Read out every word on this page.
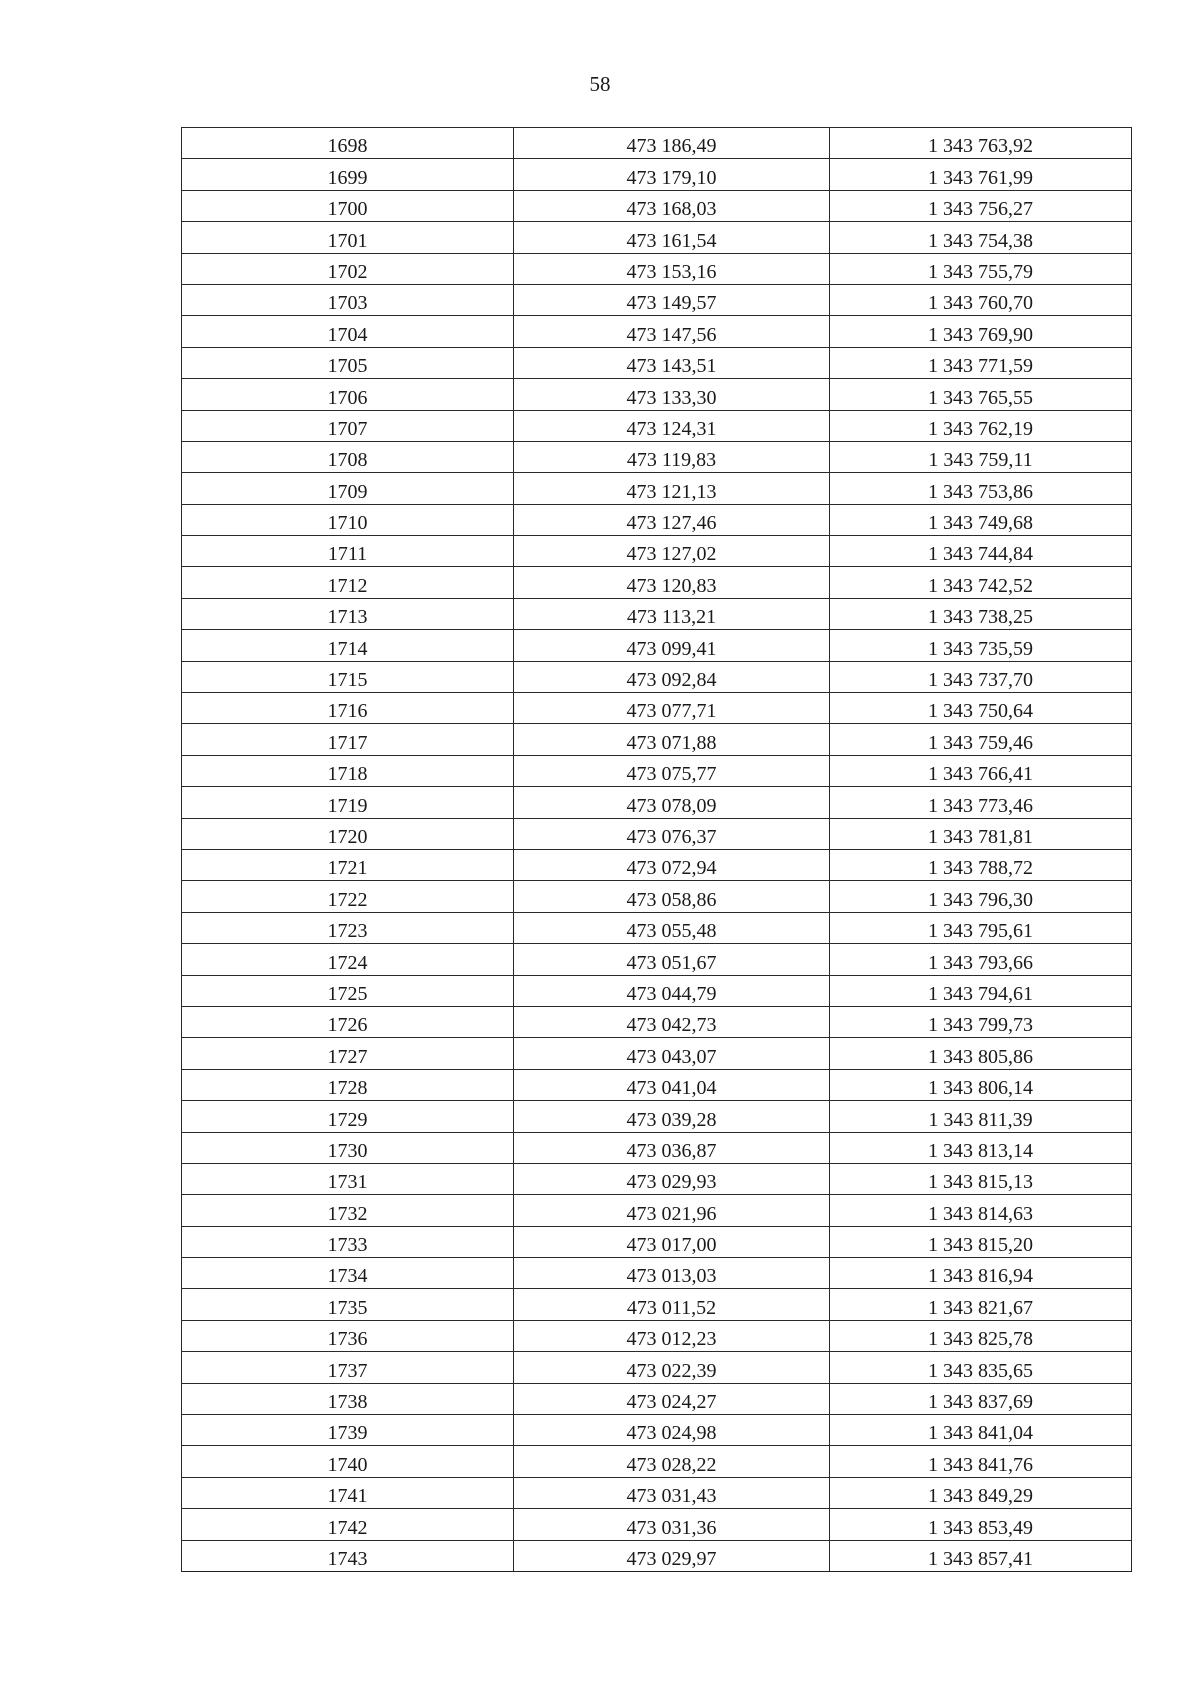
58
1698	473 186,49	1 343 763,92
1699	473 179,10	1 343 761,99
1700	473 168,03	1 343 756,27
1701	473 161,54	1 343 754,38
1702	473 153,16	1 343 755,79
1703	473 149,57	1 343 760,70
1704	473 147,56	1 343 769,90
1705	473 143,51	1 343 771,59
1706	473 133,30	1 343 765,55
1707	473 124,31	1 343 762,19
1708	473 119,83	1 343 759,11
1709	473 121,13	1 343 753,86
1710	473 127,46	1 343 749,68
1711	473 127,02	1 343 744,84
1712	473 120,83	1 343 742,52
1713	473 113,21	1 343 738,25
1714	473 099,41	1 343 735,59
1715	473 092,84	1 343 737,70
1716	473 077,71	1 343 750,64
1717	473 071,88	1 343 759,46
1718	473 075,77	1 343 766,41
1719	473 078,09	1 343 773,46
1720	473 076,37	1 343 781,81
1721	473 072,94	1 343 788,72
1722	473 058,86	1 343 796,30
1723	473 055,48	1 343 795,61
1724	473 051,67	1 343 793,66
1725	473 044,79	1 343 794,61
1726	473 042,73	1 343 799,73
1727	473 043,07	1 343 805,86
1728	473 041,04	1 343 806,14
1729	473 039,28	1 343 811,39
1730	473 036,87	1 343 813,14
1731	473 029,93	1 343 815,13
1732	473 021,96	1 343 814,63
1733	473 017,00	1 343 815,20
1734	473 013,03	1 343 816,94
1735	473 011,52	1 343 821,67
1736	473 012,23	1 343 825,78
1737	473 022,39	1 343 835,65
1738	473 024,27	1 343 837,69
1739	473 024,98	1 343 841,04
1740	473 028,22	1 343 841,76
1741	473 031,43	1 343 849,29
1742	473 031,36	1 343 853,49
1743	473 029,97	1 343 857,41
